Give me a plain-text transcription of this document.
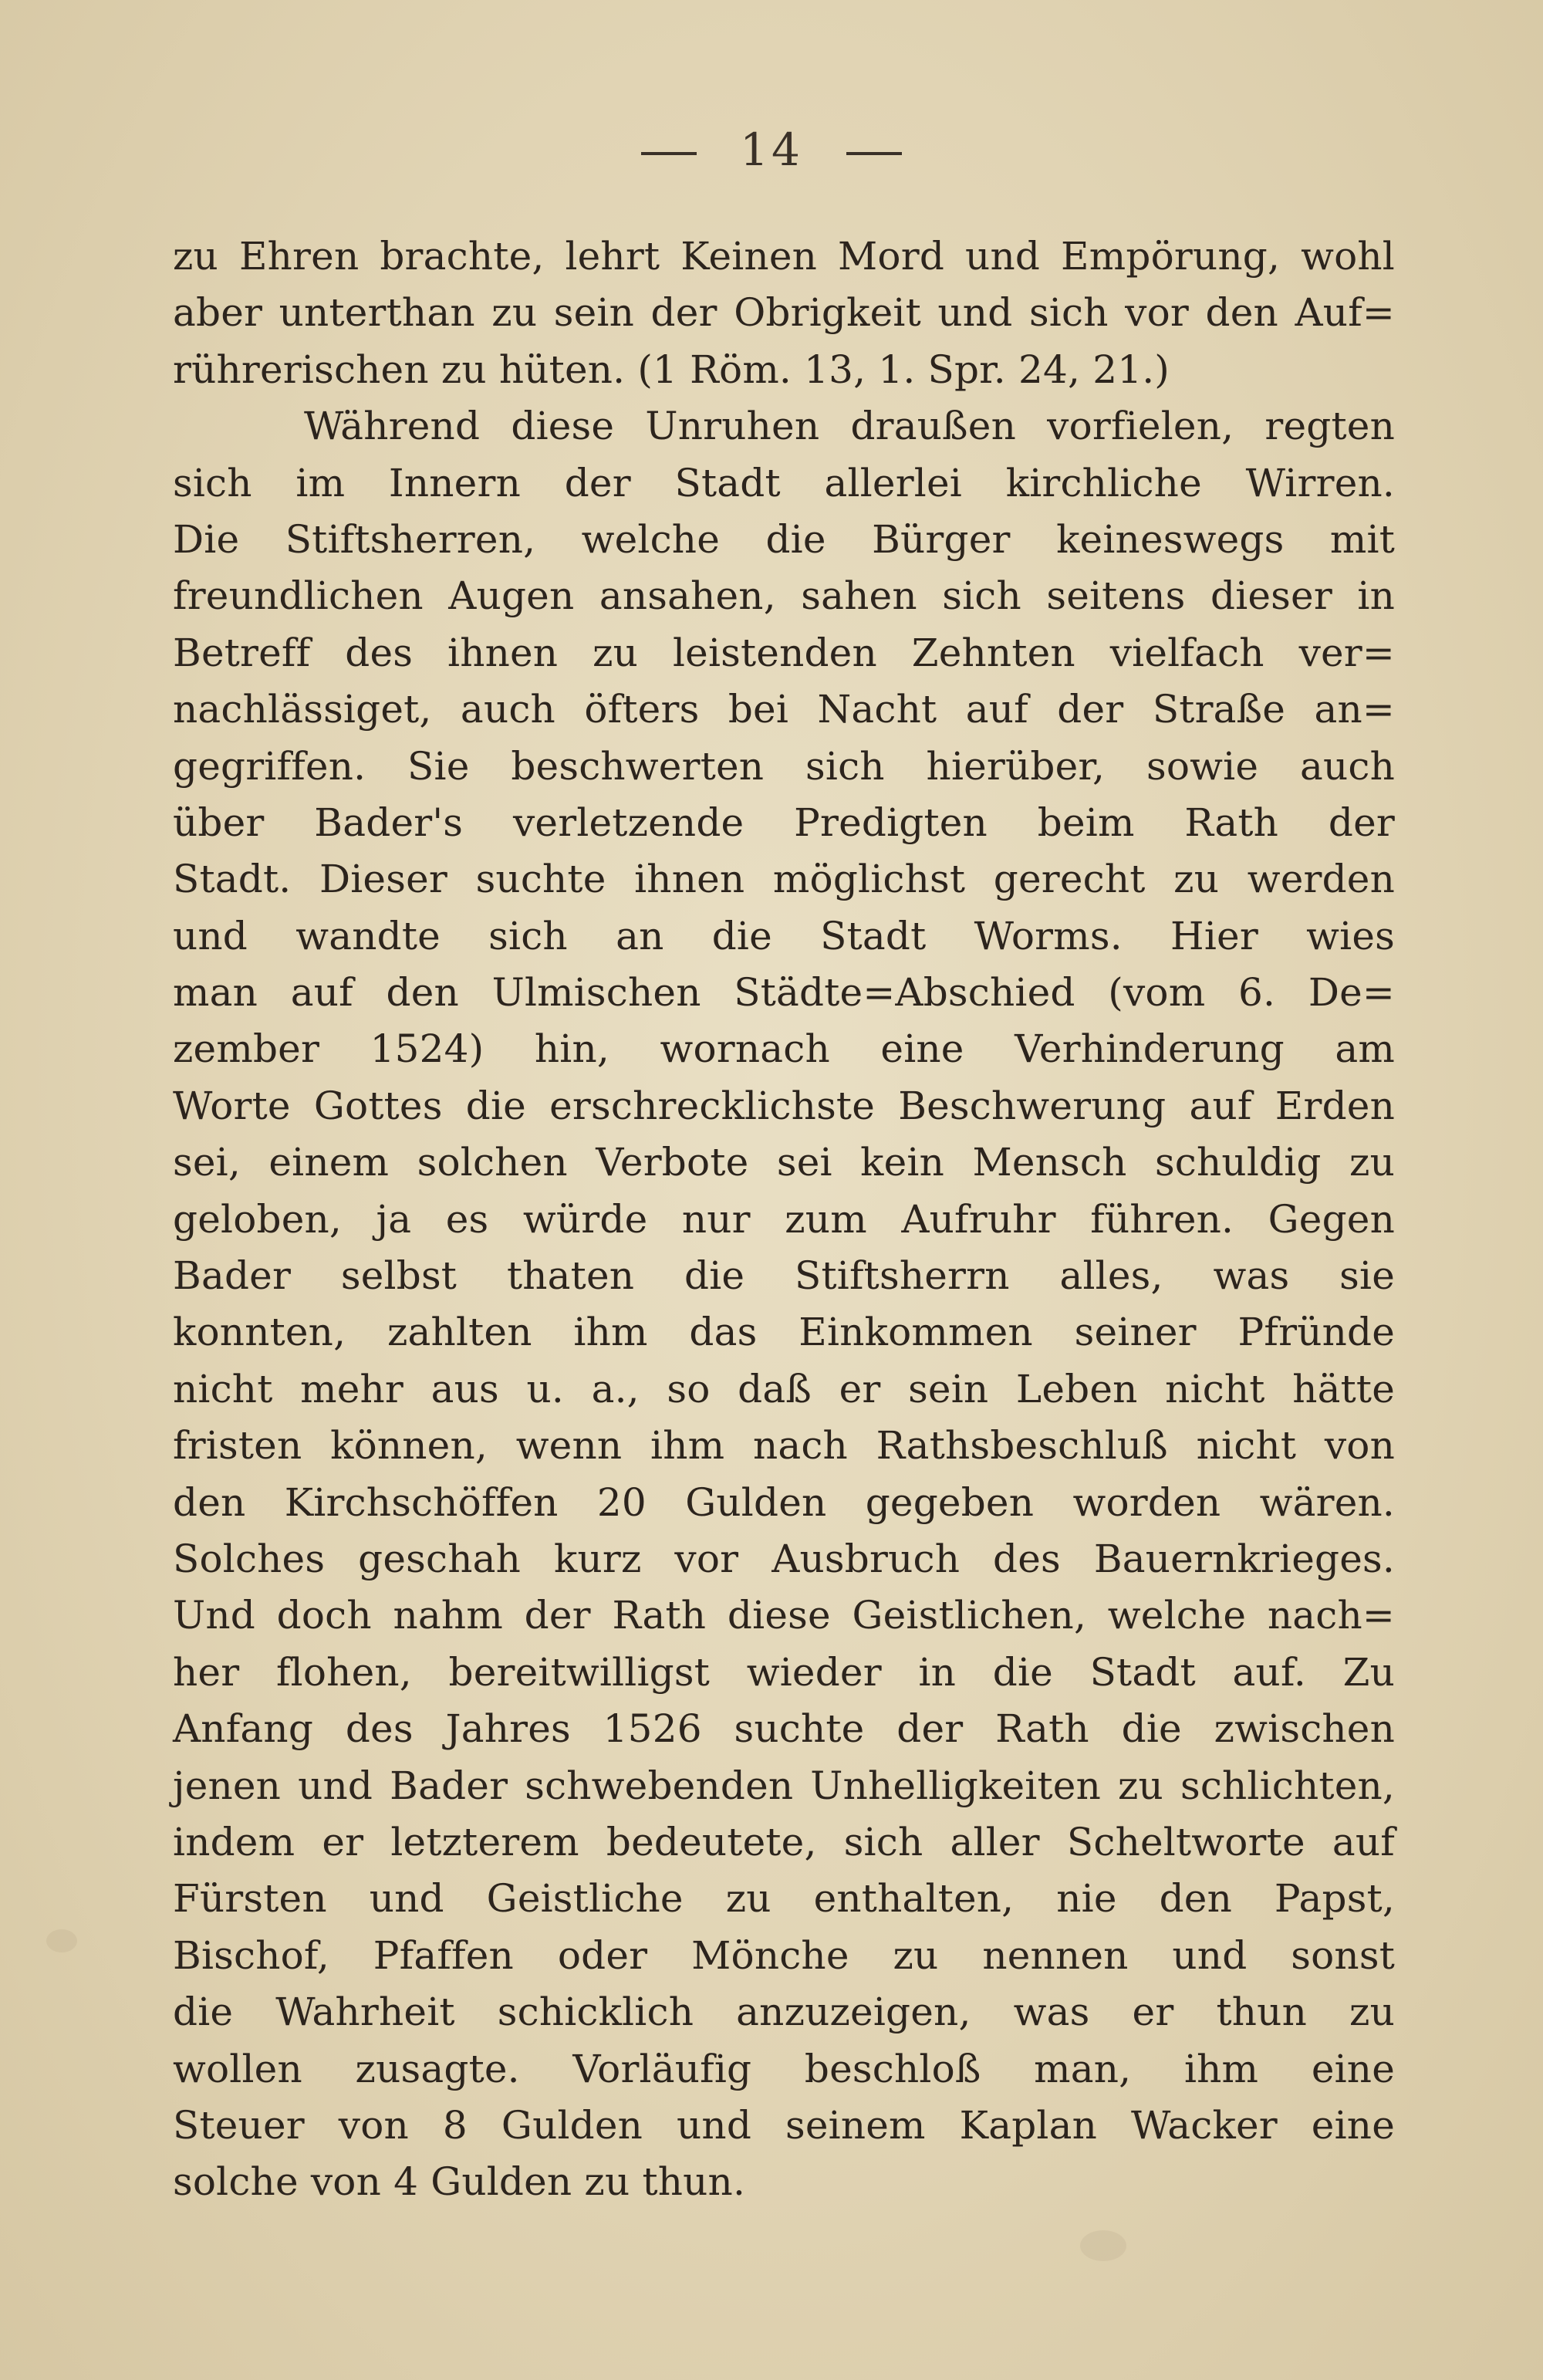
14
zu Ehren brachte, lehrt Keinen Mord und Empörung, wohl
aber unterthan zu sein der Obrigkeit und sich vor den Auf=
rührerischen zu hüten. (1 Röm. 13, 1. Spr. 24, 21.)
Während diese Unruhen draußen vorfielen, regten
sich im Innern der Stadt allerlei kirchliche Wirren.
Die Stiftsherren, welche die Bürger keineswegs mit
freundlichen Augen ansahen, sahen sich seitens dieser in
Betreff des ihnen zu leistenden Zehnten vielfach ver=
nachlässiget, auch öfters bei Nacht auf der Straße an=
gegriffen. Sie beschwerten sich hierüber, sowie auch
über Bader's verletzende Predigten beim Rath der
Stadt. Dieser suchte ihnen möglichst gerecht zu werden
und wandte sich an die Stadt Worms. Hier wies
man auf den Ulmischen Städte=Abschied (vom 6. De=
zember 1524) hin, wornach eine Verhinderung am
Worte Gottes die erschrecklichste Beschwerung auf Erden
sei, einem solchen Verbote sei kein Mensch schuldig zu
geloben, ja es würde nur zum Aufruhr führen. Gegen
Bader selbst thaten die Stiftsherrn alles, was sie
konnten, zahlten ihm das Einkommen seiner Pfründe
nicht mehr aus u. a., so daß er sein Leben nicht hätte
fristen können, wenn ihm nach Rathsbeschluß nicht von
den Kirchschöffen 20 Gulden gegeben worden wären.
Solches geschah kurz vor Ausbruch des Bauernkrieges.
Und doch nahm der Rath diese Geistlichen, welche nach=
her flohen, bereitwilligst wieder in die Stadt auf. Zu
Anfang des Jahres 1526 suchte der Rath die zwischen
jenen und Bader schwebenden Unhelligkeiten zu schlichten,
indem er letzterem bedeutete, sich aller Scheltworte auf
Fürsten und Geistliche zu enthalten, nie den Papst,
Bischof, Pfaffen oder Mönche zu nennen und sonst
die Wahrheit schicklich anzuzeigen, was er thun zu
wollen zusagte. Vorläufig beschloß man, ihm eine
Steuer von 8 Gulden und seinem Kaplan Wacker eine
solche von 4 Gulden zu thun.
